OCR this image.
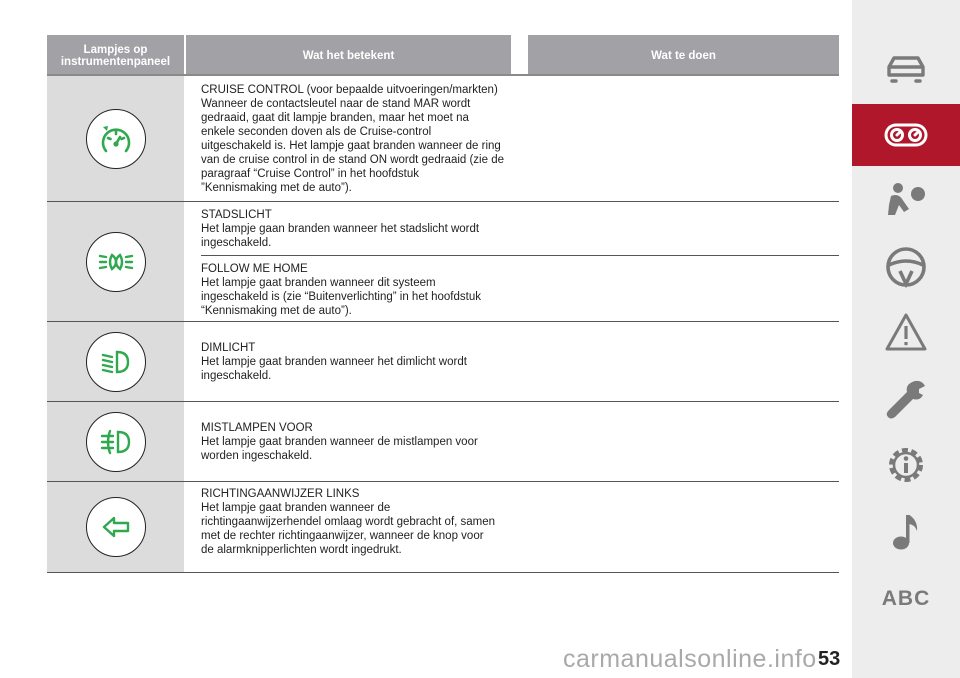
Lampjes op instrumentenpaneel	Wat het betekent	Wat te doen
CRUISE CONTROL (voor bepaalde uitvoeringen/markten)
Wanneer de contactsleutel naar de stand MAR wordt
gedraaid, gaat dit lampje branden, maar het moet na
enkele seconden doven als de Cruise-control
uitgeschakeld is. Het lampje gaat branden wanneer de ring
van de cruise control in de stand ON wordt gedraaid (zie de
paragraaf “Cruise Control” in het hoofdstuk
”Kennismaking met de auto”).
STADSLICHT
Het lampje gaan branden wanneer het stadslicht wordt
ingeschakeld.
FOLLOW ME HOME
Het lampje gaat branden wanneer dit systeem
ingeschakeld is (zie “Buitenverlichting” in het hoofdstuk
“Kennismaking met de auto”).
DIMLICHT
Het lampje gaat branden wanneer het dimlicht wordt
ingeschakeld.
MISTLAMPEN VOOR
Het lampje gaat branden wanneer de mistlampen voor
worden ingeschakeld.
RICHTINGAANWIJZER LINKS
Het lampje gaat branden wanneer de
richtingaanwijzerhendel omlaag wordt gebracht of, samen
met de rechter richtingaanwijzer, wanneer de knop voor
de alarmknipperlichten wordt ingedrukt.
ABC
53
carmanualsonline.info
